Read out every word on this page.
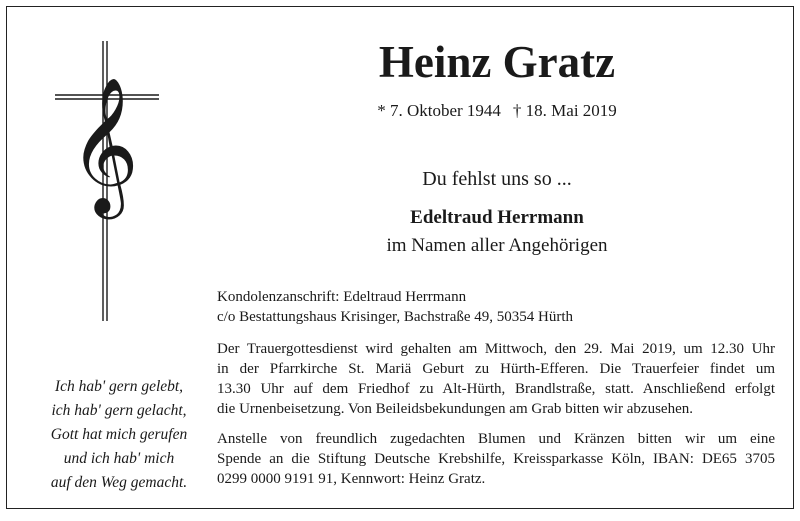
𝄞
Ich hab' gern gelebt,
ich hab' gern gelacht,
Gott hat mich gerufen
und ich hab' mich
auf den Weg gemacht.
Heinz Gratz
* 7. Oktober 1944 † 18. Mai 2019
Du fehlst uns so ...
Edeltraud Herrmann
im Namen aller Angehörigen
Kondolenzanschrift: Edeltraud Herrmann
c/o Bestattungshaus Krisinger, Bachstraße 49, 50354 Hürth
Der Trauergottesdienst wird gehalten am Mittwoch, den 29. Mai 2019, um 12.30 Uhr
in der Pfarrkirche St. Mariä Geburt zu Hürth-Efferen. Die Trauerfeier findet um
13.30 Uhr auf dem Friedhof zu Alt-Hürth, Brandlstraße, statt. Anschließend erfolgt
die Urnenbeisetzung. Von Beileidsbekundungen am Grab bitten wir abzusehen.
Anstelle von freundlich zugedachten Blumen und Kränzen bitten wir um eine
Spende an die Stiftung Deutsche Krebshilfe, Kreissparkasse Köln, IBAN: DE65 3705
0299 0000 9191 91, Kennwort: Heinz Gratz.
